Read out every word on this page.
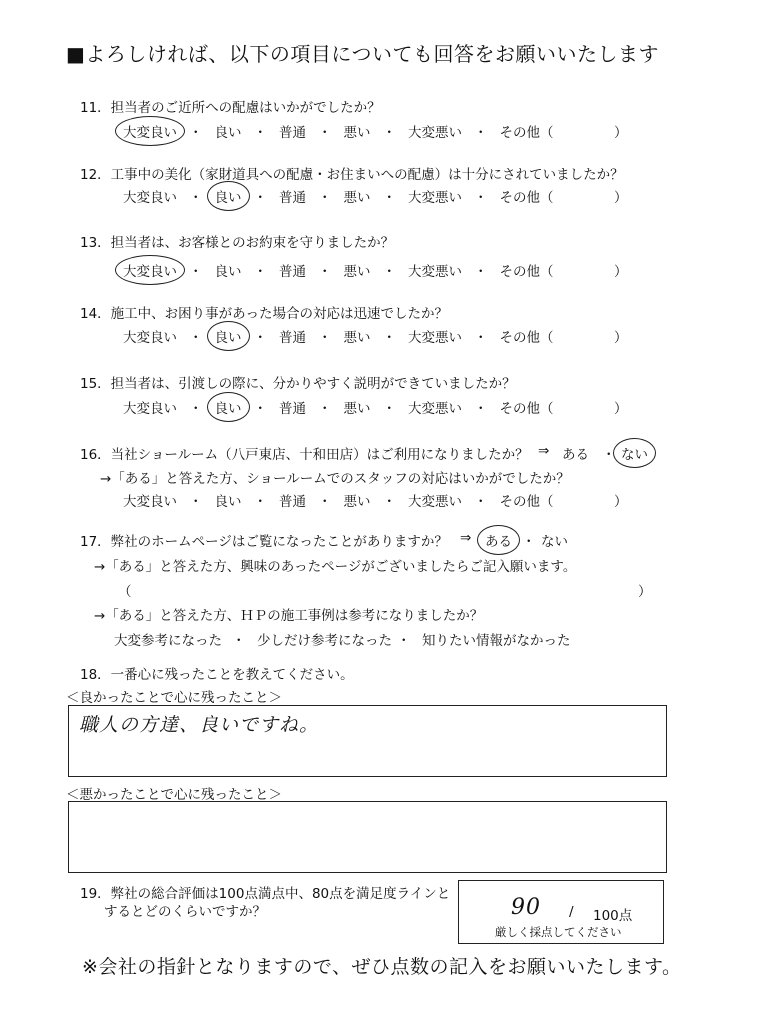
■よろしければ、以下の項目についても回答をお願いいたします
11．担当者のご近所への配慮はいかがでしたか？
大変良い ・ 良い ・ 普通 ・ 悪い ・ 大変悪い ・ その他（	）
12．工事中の美化（家財道具への配慮・お住まいへの配慮）は十分にされていましたか？
大変良い ・ 良い ・ 普通 ・ 悪い ・ 大変悪い ・ その他（	）
13．担当者は、お客様とのお約束を守りましたか？
大変良い ・ 良い ・ 普通 ・ 悪い ・ 大変悪い ・ その他（	）
14．施工中、お困り事があった場合の対応は迅速でしたか？
大変良い ・ 良い ・ 普通 ・ 悪い ・ 大変悪い ・ その他（	）
15．担当者は、引渡しの際に、分かりやすく説明ができていましたか？
大変良い ・ 良い ・ 普通 ・ 悪い ・ 大変悪い ・ その他（	）
16．当社ショールーム（八戸東店、十和田店）はご利用になりましたか？ ⇒ ある ・ ない
→「ある」と答えた方、ショールームでのスタッフの対応はいかがでしたか？
大変良い ・ 良い ・ 普通 ・ 悪い ・ 大変悪い ・ その他（	）
17．弊社のホームページはご覧になったことがありますか？ ⇒ ある ・ ない
→「ある」と答えた方、興味のあったページがございましたらご記入願います。
（	）
→「ある」と答えた方、ＨＰの施工事例は参考になりましたか？
大変参考になった ・ 少しだけ参考になった ・ 知りたい情報がなかった
18．一番心に残ったことを教えてください。
＜良かったことで心に残ったこと＞
職人の方達、良いですね。
＜悪かったことで心に残ったこと＞
19．弊社の総合評価は100点満点中、80点を満足度ラインと
するとどのくらいですか？	90 / 100点
厳しく採点してください
※会社の指針となりますので、ぜひ点数の記入をお願いいたします。
